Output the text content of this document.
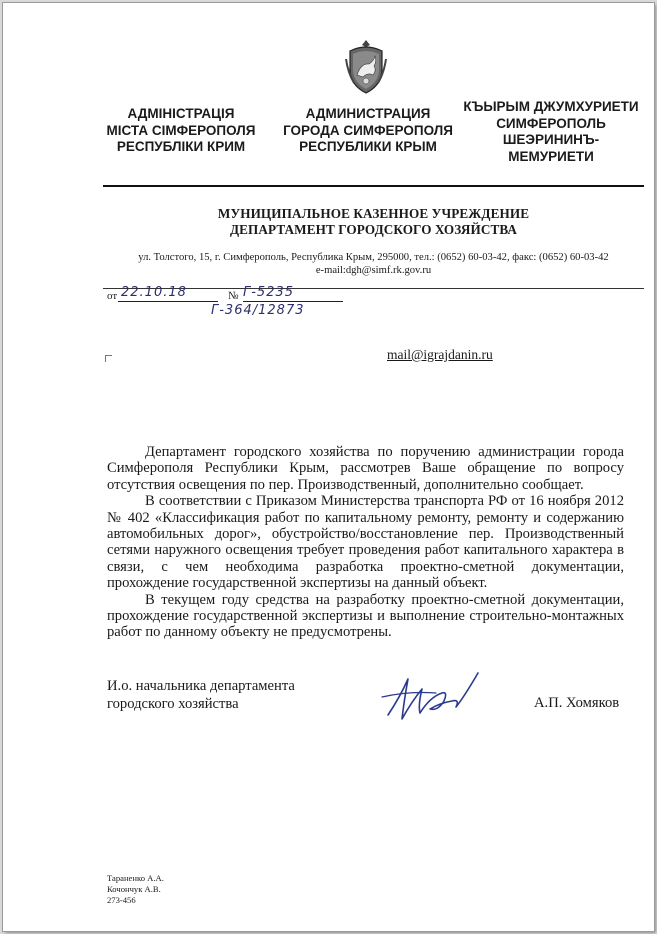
АДМІНІСТРАЦІЯ
МІСТА СІМФЕРОПОЛЯ
РЕСПУБЛІКИ КРИМ
АДМИНИСТРАЦИЯ
ГОРОДА СИМФЕРОПОЛЯ
РЕСПУБЛИКИ КРЫМ
КЪЫРЫМ ДЖУМХУРИЕТИ
СИМФЕРОПОЛЬ
ШЕЭРИНИНЪ-
МЕМУРИЕТИ
МУНИЦИПАЛЬНОЕ КАЗЕННОЕ УЧРЕЖДЕНИЕ
ДЕПАРТАМЕНТ ГОРОДСКОГО ХОЗЯЙСТВА
ул. Толстого, 15, г. Симферополь, Республика Крым, 295000, тел.: (0652) 60-03-42, факс: (0652) 60-03-42
e-mail:dgh@simf.rk.gov.ru
от	№
22.10.18	Г-5235
Г-364/12873
mail@igrajdanin.ru

Департамент городского хозяйства по поручению администрации города Симферополя Республики Крым, рассмотрев Ваше обращение по вопросу отсутствия освещения по пер. Производственный, дополнительно сообщает.

В соответствии с Приказом Министерства транспорта РФ от 16 ноября 2012 № 402 «Классификация работ по капитальному ремонту, ремонту и содержанию автомобильных дорог», обустройство/восстановление пер. Производственный сетями наружного освещения требует проведения работ капитального характера в связи, с чем необходима разработка проектно-сметной документации, прохождение государственной экспертизы на данный объект.

В текущем году средства на разработку проектно-сметной документации, прохождение государственной экспертизы и выполнение строительно-монтажных работ по данному объекту не предусмотрены.

И.о. начальника департамента
городского хозяйства	А.П. Хомяков
Тараненко А.А.
Кочончук А.В.
273-456
